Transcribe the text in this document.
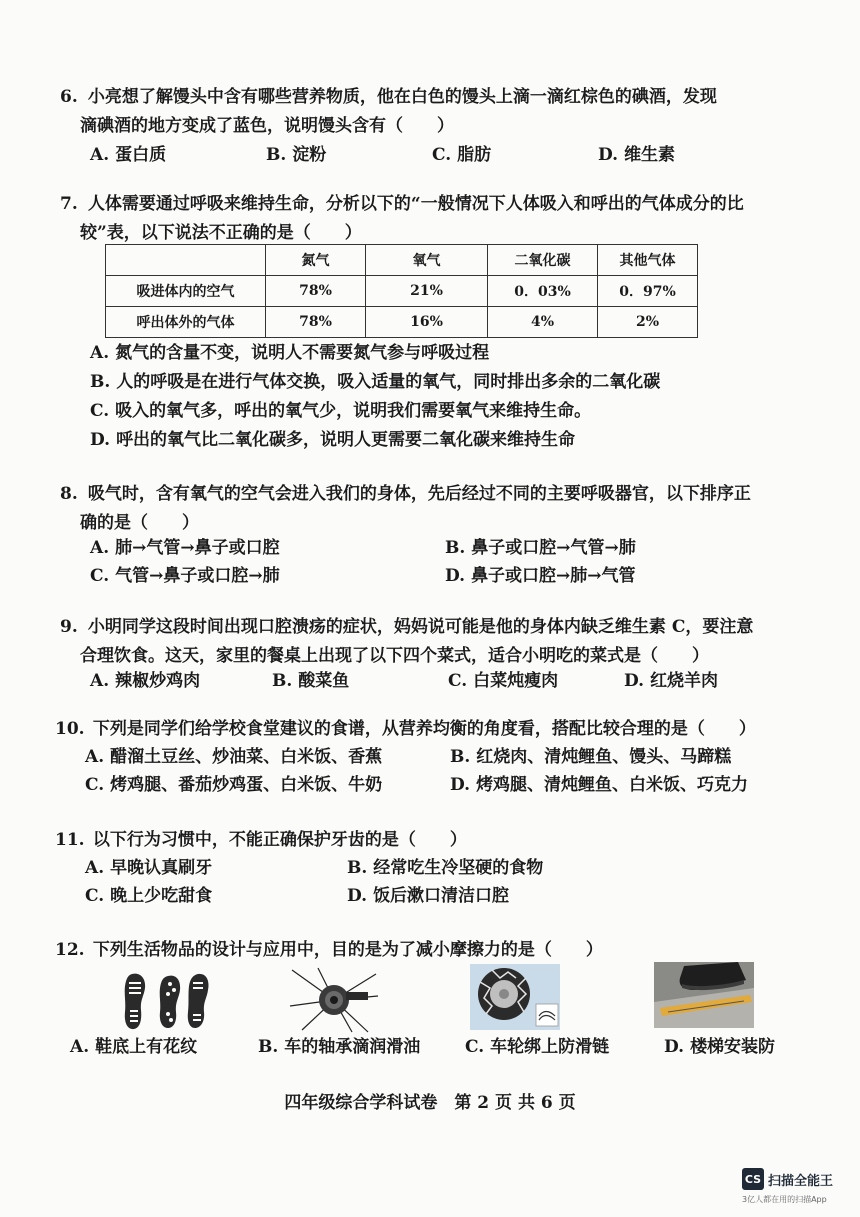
6. 小亮想了解馒头中含有哪些营养物质，他在白色的馒头上滴一滴红棕色的碘酒，发现
滴碘酒的地方变成了蓝色，说明馒头含有（　　）
A. 蛋白质	B. 淀粉	C. 脂肪	D. 维生素
7. 人体需要通过呼吸来维持生命，分析以下的“一般情况下人体吸入和呼出的气体成分的比
较”表，以下说法不正确的是（　　）
	氮气	氧气	二氧化碳	其他气体
吸进体内的空气	78%	21%	0．03%	0．97%
呼出体外的气体	78%	16%	4%	2%
A. 氮气的含量不变，说明人不需要氮气参与呼吸过程
B. 人的呼吸是在进行气体交换，吸入适量的氧气，同时排出多余的二氧化碳
C. 吸入的氧气多，呼出的氧气少，说明我们需要氧气来维持生命。
D. 呼出的氧气比二氧化碳多，说明人更需要二氧化碳来维持生命
8. 吸气时，含有氧气的空气会进入我们的身体，先后经过不同的主要呼吸器官，以下排序正
确的是（　　）
A. 肺→气管→鼻子或口腔	B. 鼻子或口腔→气管→肺
C. 气管→鼻子或口腔→肺	D. 鼻子或口腔→肺→气管
9. 小明同学这段时间出现口腔溃疡的症状，妈妈说可能是他的身体内缺乏维生素 C，要注意
合理饮食。这天，家里的餐桌上出现了以下四个菜式，适合小明吃的菜式是（　　）
A. 辣椒炒鸡肉	B. 酸菜鱼	C. 白菜炖瘦肉	D. 红烧羊肉
10. 下列是同学们给学校食堂建议的食谱，从营养均衡的角度看，搭配比较合理的是（　　）
A. 醋溜土豆丝、炒油菜、白米饭、香蕉	B. 红烧肉、清炖鲤鱼、馒头、马蹄糕
C. 烤鸡腿、番茄炒鸡蛋、白米饭、牛奶	D. 烤鸡腿、清炖鲤鱼、白米饭、巧克力
11. 以下行为习惯中，不能正确保护牙齿的是（　　）
A. 早晚认真刷牙	B. 经常吃生冷坚硬的食物
C. 晚上少吃甜食	D. 饭后漱口清洁口腔
12. 下列生活物品的设计与应用中，目的是为了减小摩擦力的是（　　）
A. 鞋底上有花纹	B. 车的轴承滴润滑油	C. 车轮绑上防滑链	D. 楼梯安装防
四年级综合学科试卷　第 2 页 共 6 页
CS 扫描全能王
3亿人都在用的扫描App
